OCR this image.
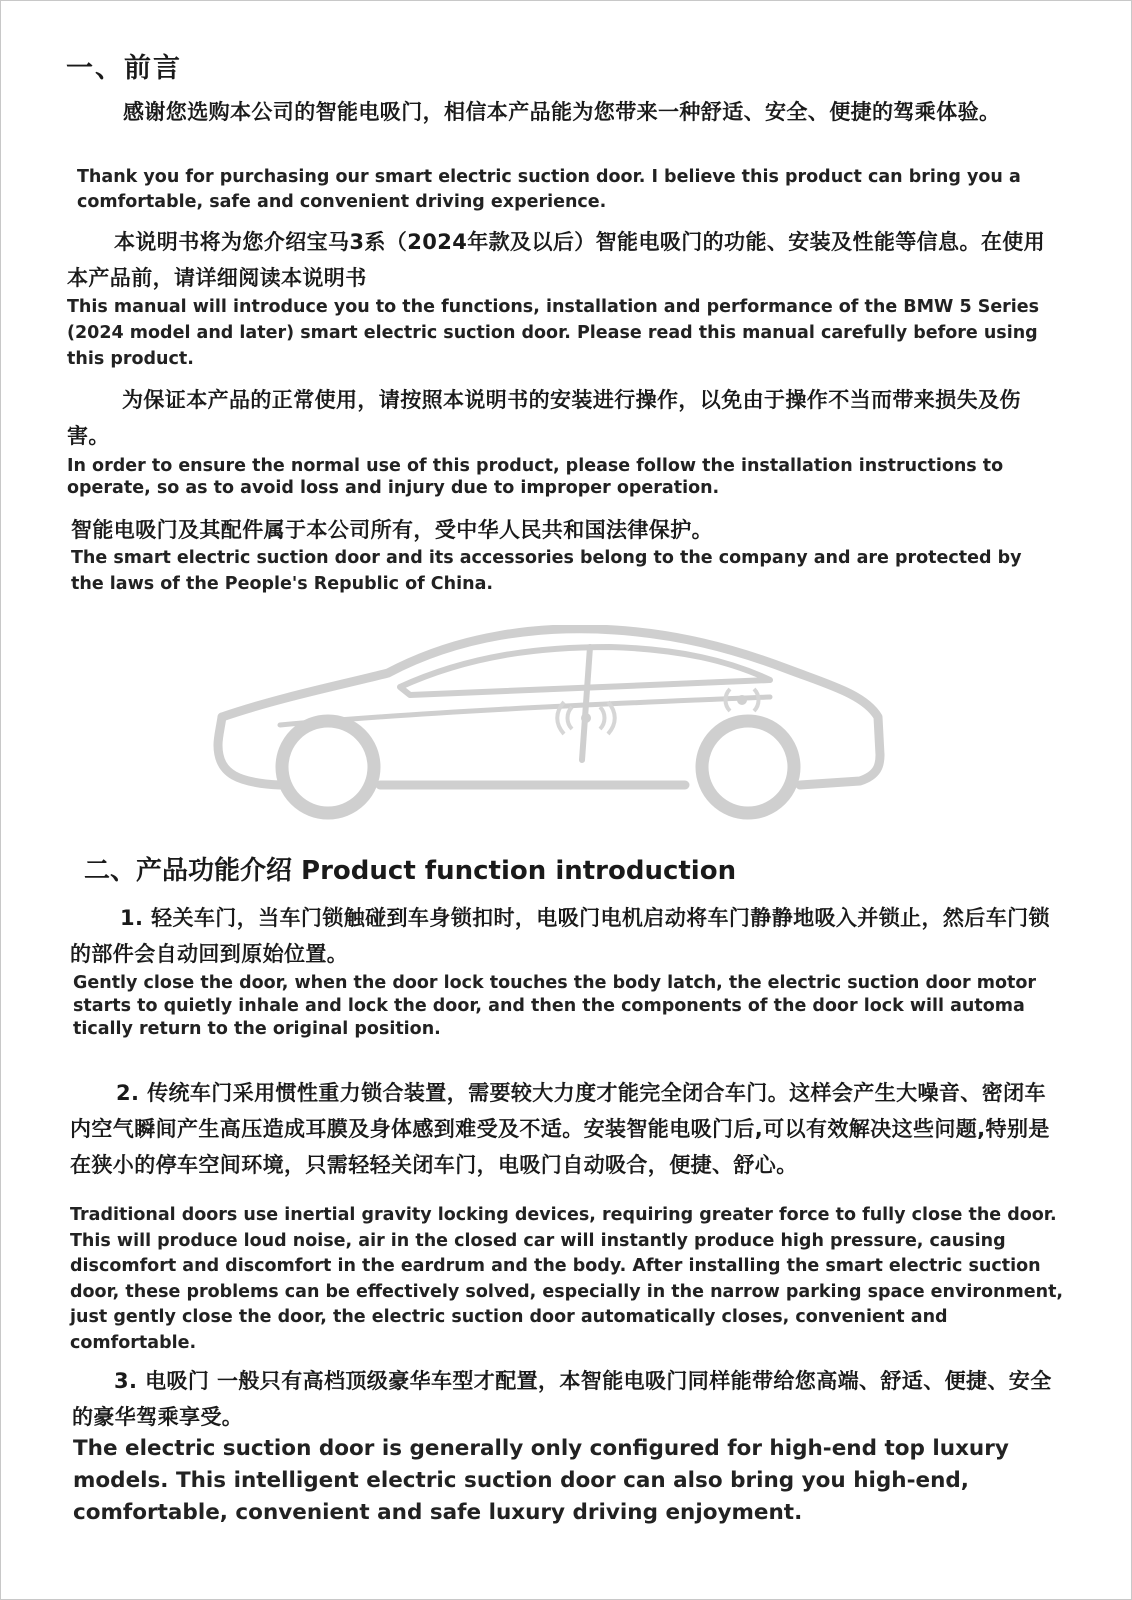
一、前言

感谢您选购本公司的智能电吸门，相信本产品能为您带来一种舒适、安全、便捷的驾乘体验。

Thank you for purchasing our smart electric suction door. I believe this product can bring you a comfortable, safe and convenient driving experience.

本说明书将为您介绍宝马3系（2024年款及以后）智能电吸门的功能、安装及性能等信息。在使用本产品前，请详细阅读本说明书

This manual will introduce you to the functions, installation and performance of the BMW 5 Series (2024 model and later) smart electric suction door. Please read this manual carefully before using this product.

为保证本产品的正常使用，请按照本说明书的安装进行操作，以免由于操作不当而带来损失及伤害。

In order to ensure the normal use of this product, please follow the installation instructions to operate, so as to avoid loss and injury due to improper operation.

智能电吸门及其配件属于本公司所有，受中华人民共和国法律保护。

The smart electric suction door and its accessories belong to the company and are protected by the laws of the People's Republic of China.

二、产品功能介绍 Product function introduction

1. 轻关车门，当车门锁触碰到车身锁扣时，电吸门电机启动将车门静静地吸入并锁止，然后车门锁的部件会自动回到原始位置。

Gently close the door, when the door lock touches the body latch, the electric suction door motor starts to quietly inhale and lock the door, and then the components of the door lock will automa tically return to the original position.

2. 传统车门采用惯性重力锁合装置，需要较大力度才能完全闭合车门。这样会产生大噪音、密闭车内空气瞬间产生高压造成耳膜及身体感到难受及不适。安装智能电吸门后,可以有效解决这些问题,特别是在狭小的停车空间环境，只需轻轻关闭车门，电吸门自动吸合，便捷、舒心。

Traditional doors use inertial gravity locking devices, requiring greater force to fully close the door. This will produce loud noise, air in the closed car will instantly produce high pressure, causing discomfort and discomfort in the eardrum and the body. After installing the smart electric suction door, these problems can be effectively solved, especially in the narrow parking space environment, just gently close the door, the electric suction door automatically closes, convenient and comfortable.

3. 电吸门 一般只有高档顶级豪华车型才配置，本智能电吸门同样能带给您高端、舒适、便捷、安全的豪华驾乘享受。

The electric suction door is generally only configured for high-end top luxury models. This intelligent electric suction door can also bring you high-end, comfortable, convenient and safe luxury driving enjoyment.
